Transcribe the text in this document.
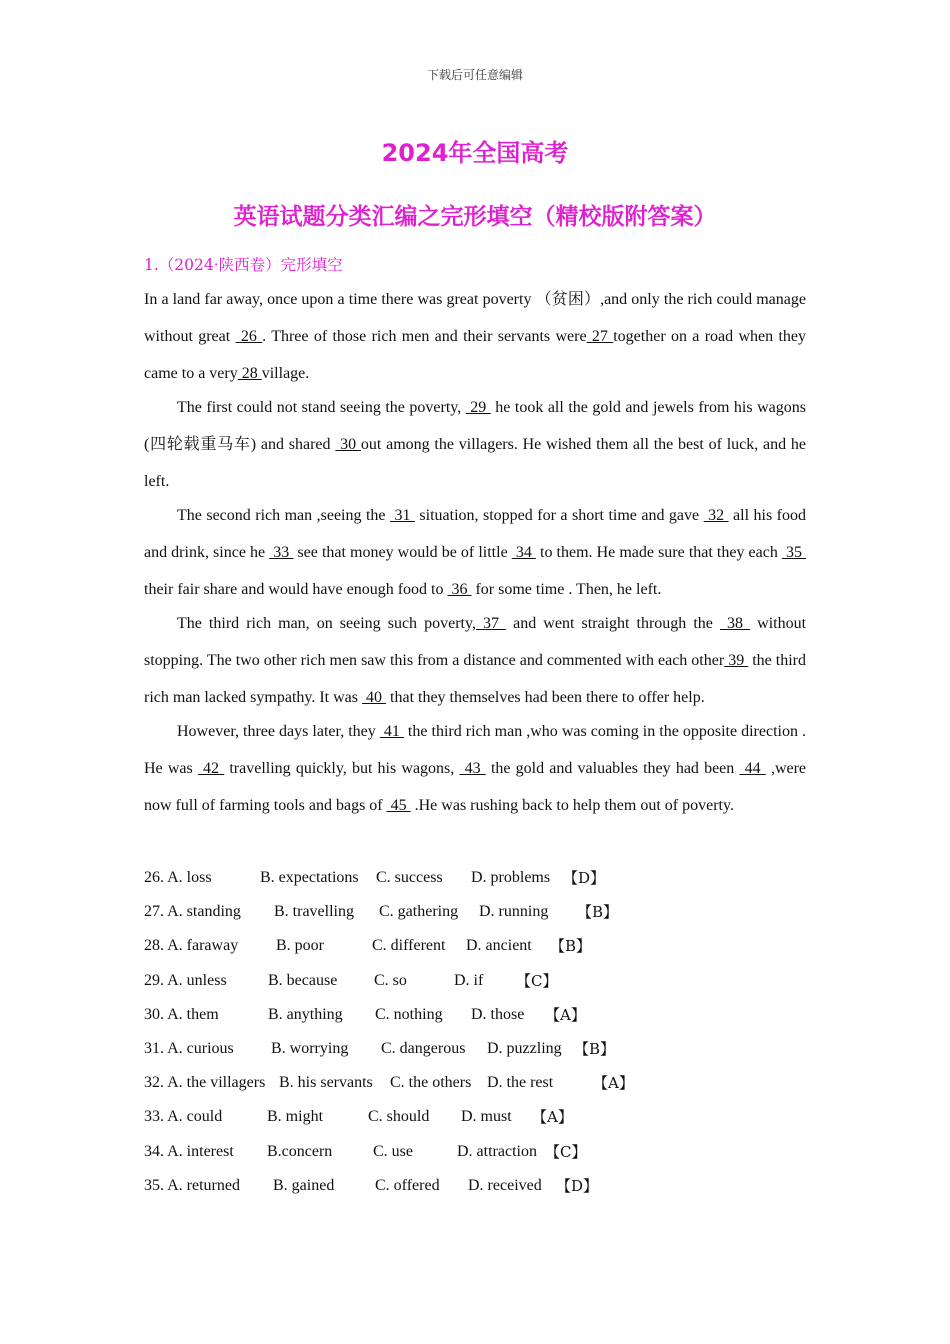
下载后可任意编辑
2024年全国高考
英语试题分类汇编之完形填空（精校版附答案）
1.（2024·陕西卷）完形填空

In a land far away, once upon a time there was great poverty （贫困）,and only the rich could manage without great  26 . Three of those rich men and their servants were 27 together on a road when they came to a very 28 village.

The first could not stand seeing the poverty,  29  he took all the gold and jewels from his wagons (四轮载重马车) and shared  30 out among the villagers. He wished them all the best of luck, and he left.

The second rich man ,seeing the  31  situation, stopped for a short time and gave  32  all his food and drink, since he  33  see that money would be of little  34  to them. He made sure that they each  35  their fair share and would have enough food to  36  for some time . Then, he left.

The third rich man, on seeing such poverty, 37  and went straight through the  38  without stopping. The two other rich men saw this from a distance and commented with each other 39  the third rich man lacked sympathy. It was  40  that they themselves had been there to offer help.

However, three days later, they  41  the third rich man ,who was coming in the opposite direction . He was  42  travelling quickly, but his wagons,  43  the gold and valuables they had been  44  ,were now full of farming tools and bags of  45  .He was rushing back to help them out of poverty.

26. A. loss	B. expectations C. success D. problems 【D】
27. A. standing B. travelling C. gathering D. running 【B】
28. A. faraway B. poor	C. different D. ancient 【B】
29. A. unless	B. because C. so	D. if 【C】
30. A. them	B. anything C. nothing D. those 【A】
31. A. curious B. worrying C. dangerous D. puzzling 【B】
32. A. the villagers B. his servants C. the others D. the rest	【A】
33. A. could	B. might	C. should D. must 【A】
34. A. interest B.concern	C. use	D. attraction 【C】
35. A. returned B. gained	C. offered D. received 【D】
